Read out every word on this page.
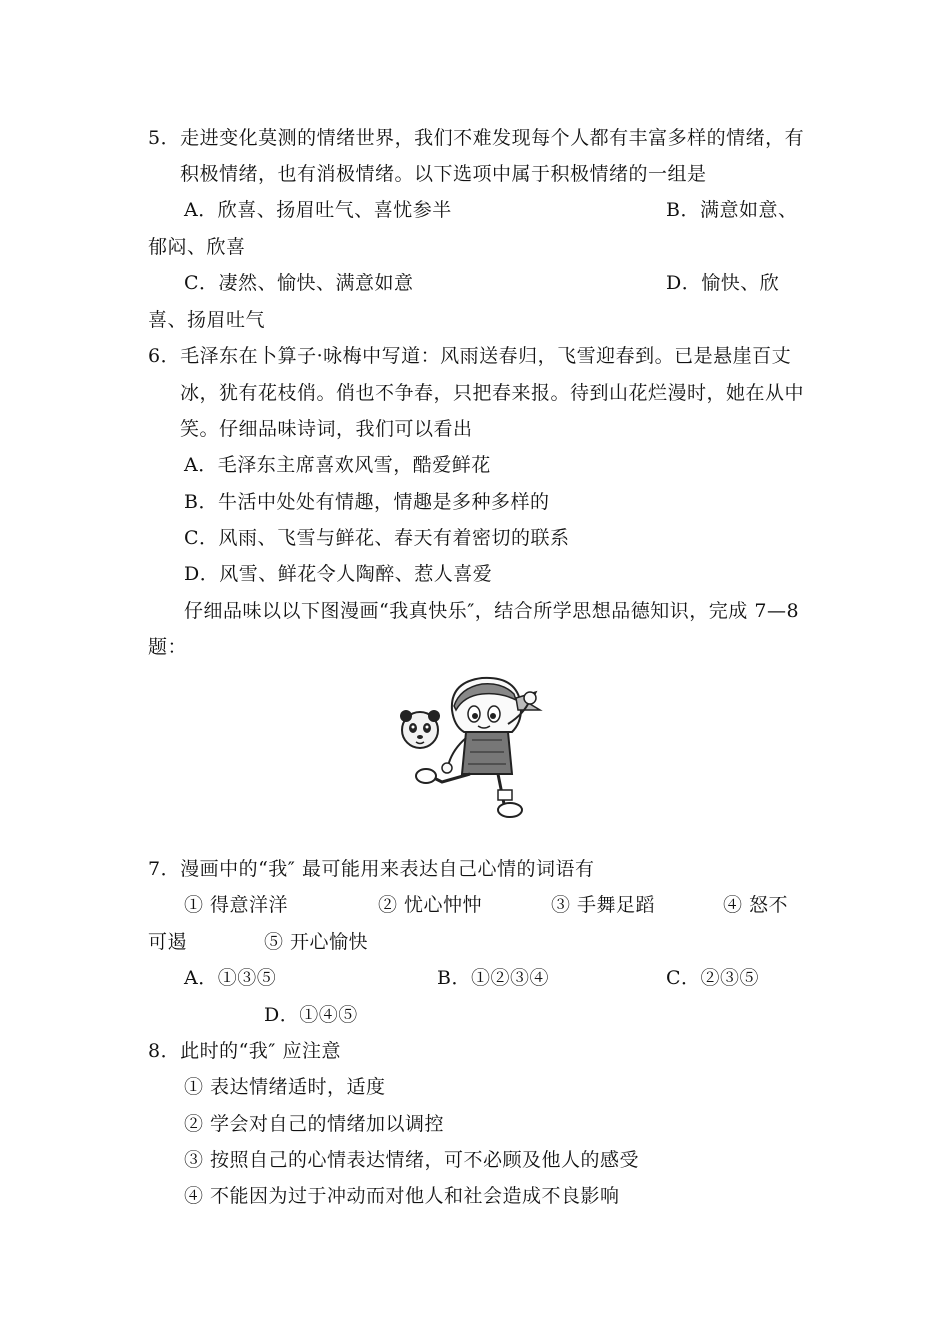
5．走进变化莫测的情绪世界，我们不难发现每个人都有丰富多样的情绪，有
积极情绪，也有消极情绪。以下选项中属于积极情绪的一组是
A．欣喜、扬眉吐气、喜忧参半	B．满意如意、
郁闷、欣喜
C．凄然、愉快、满意如意	D．愉快、欣
喜、扬眉吐气
6．毛泽东在卜算子·咏梅中写道：风雨送春归，飞雪迎春到。已是悬崖百丈
冰，犹有花枝俏。俏也不争春，只把春来报。待到山花烂漫时，她在从中
笑。仔细品味诗词，我们可以看出
A．毛泽东主席喜欢风雪，酷爱鲜花
B．牛活中处处有情趣，情趣是多种多样的
C．风雨、飞雪与鲜花、春天有着密切的联系
D．风雪、鲜花令人陶醉、惹人喜爱
仔细品味以以下图漫画“我真快乐″，结合所学思想品德知识，完成 7—8
题：
7．漫画中的“我″ 最可能用来表达自己心情的词语有
① 得意洋洋	② 忧心忡忡	③ 手舞足蹈	④ 怒不
可遏	⑤ 开心愉快
A．①③⑤	B．①②③④	C．②③⑤
D．①④⑤
8．此时的“我″ 应注意
① 表达情绪适时，适度
② 学会对自己的情绪加以调控
③ 按照自己的心情表达情绪，可不必顾及他人的感受
④ 不能因为过于冲动而对他人和社会造成不良影响
